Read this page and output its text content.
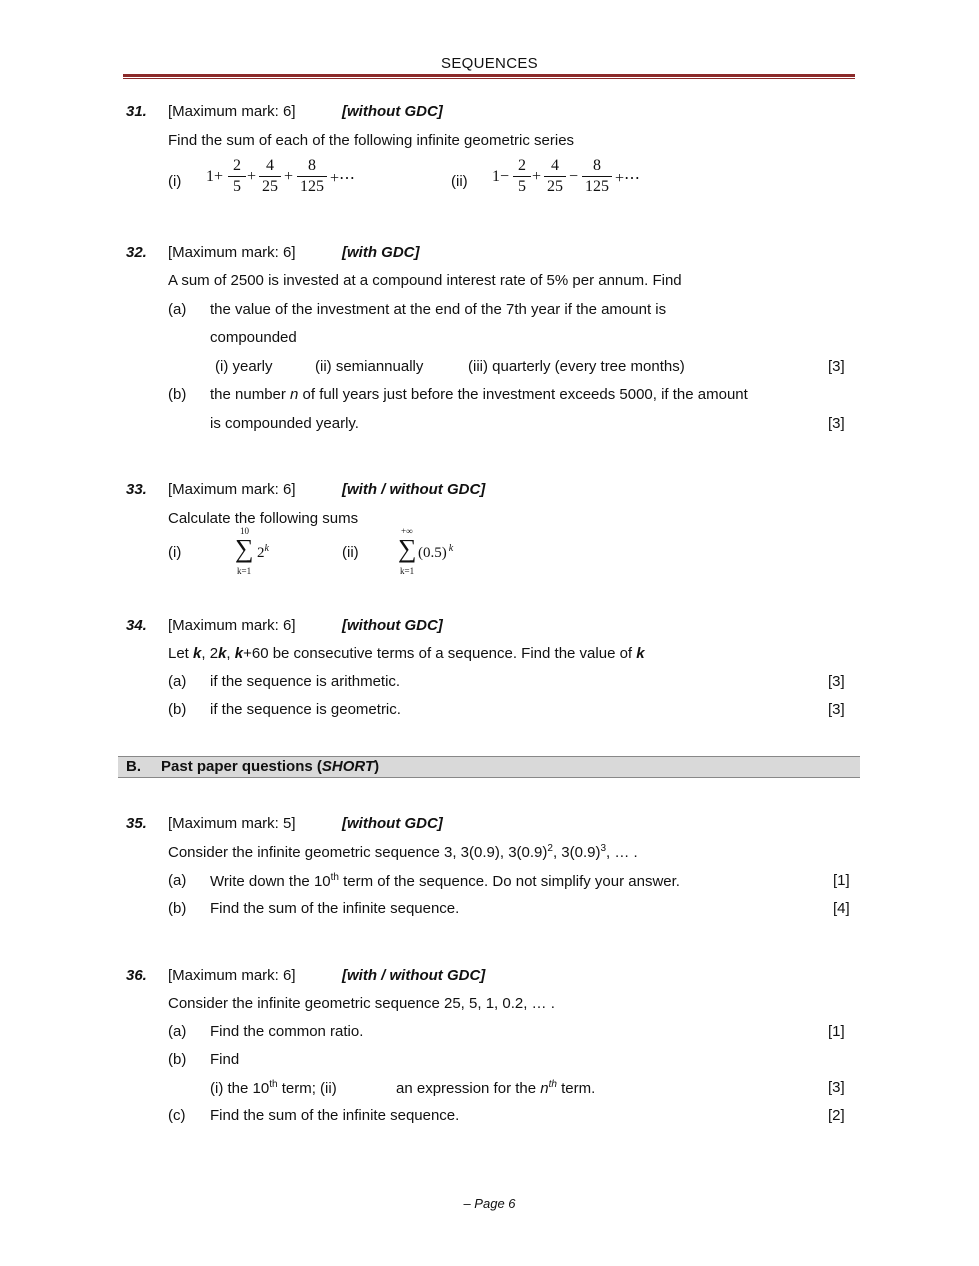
SEQUENCES
31. [Maximum mark: 6]	[without GDC]
Find the sum of each of the following infinite geometric series
(i) 1+
2
5
+
4
25
+
8
125 +⋯	(ii) 1−
2
5
+
4
25
−
8
125 +⋯
32. [Maximum mark: 6]	[with GDC]
A sum of 2500 is invested at a compound interest rate of 5% per annum. Find
(a) the value of the investment at the end of the 7th year if the amount is
compounded
(i) yearly	(ii) semiannually	(iii) quarterly (every tree months)	[3]
(b) the number n of full years just before the investment exceeds 5000, if the amount
is compounded yearly.	[3]
33. [Maximum mark: 6]	[with / without GDC]
Calculate the following sums
(i)
10
∑
k=1
2$^k$	(ii)
+∞
∑
k=1
(0.5) $^k$
34. [Maximum mark: 6]	[without GDC]
Let k, 2k, k+60 be consecutive terms of a sequence. Find the value of k
(a) if the sequence is arithmetic.	[3]
(b) if the sequence is geometric.	[3]
B. Past paper questions (SHORT)
35. [Maximum mark: 5]	[without GDC]
Consider the infinite geometric sequence 3, 3(0.9), $3(0.9)^2$, $3(0.9)^3$, … .
(a) Write down the 10th term of the sequence. Do not simplify your answer.	[1]
(b) Find the sum of the infinite sequence.	[4]
36. [Maximum mark: 6]	[with / without GDC]
Consider the infinite geometric sequence 25, 5, 1, 0.2, … .
(a) Find the common ratio.	[1]
(b) Find
(i) the 10th term; (ii)	an expression for the $n^{th}$ term.	[3]
(c) Find the sum of the infinite sequence.	[2]
– Page 6
